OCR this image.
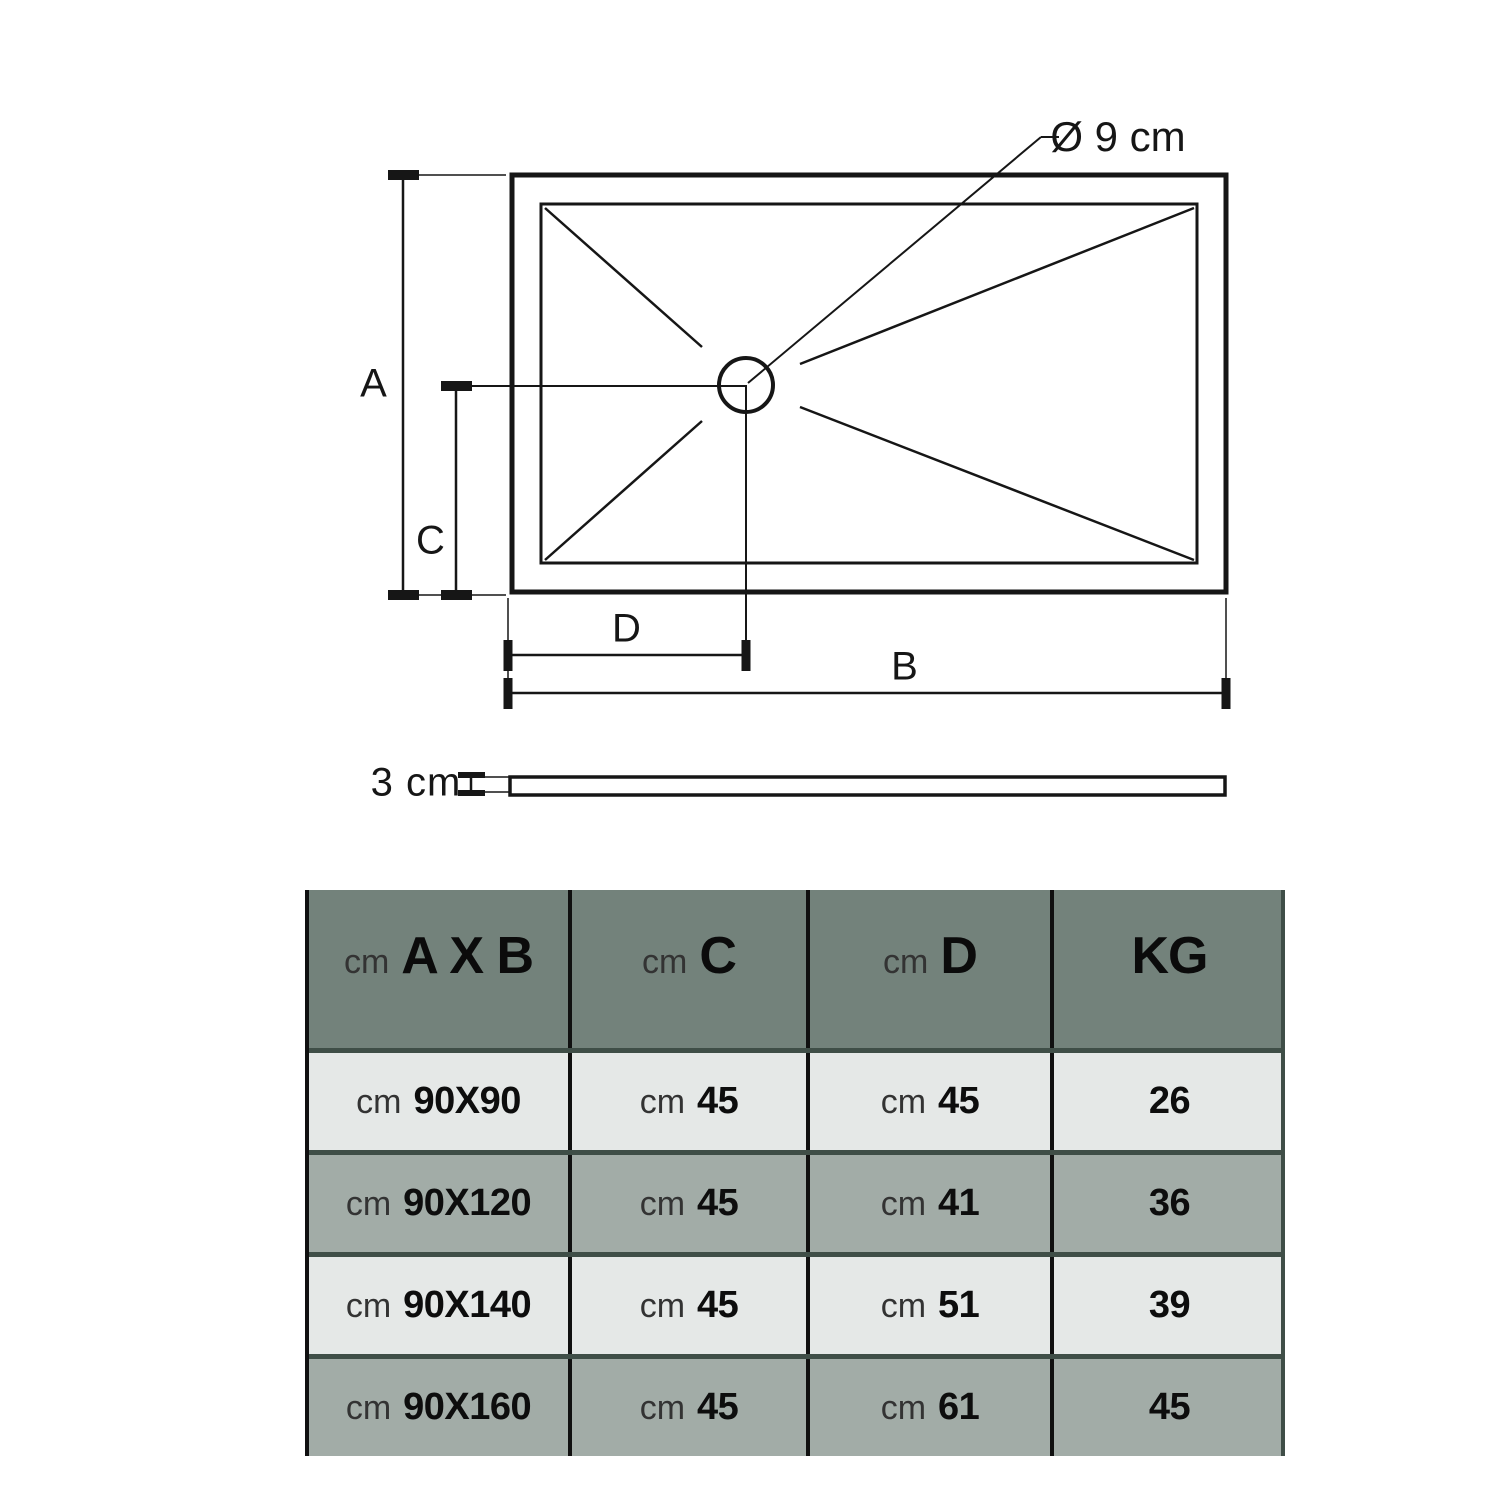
A
C
D
B
Ø 9 cm
3 cm
cm A X B	cm C	cm D	KG
cm 90X90	cm 45	cm 45	26
cm 90X120	cm 45	cm 41	36
cm 90X140	cm 45	cm 51	39
cm 90X160	cm 45	cm 61	45
